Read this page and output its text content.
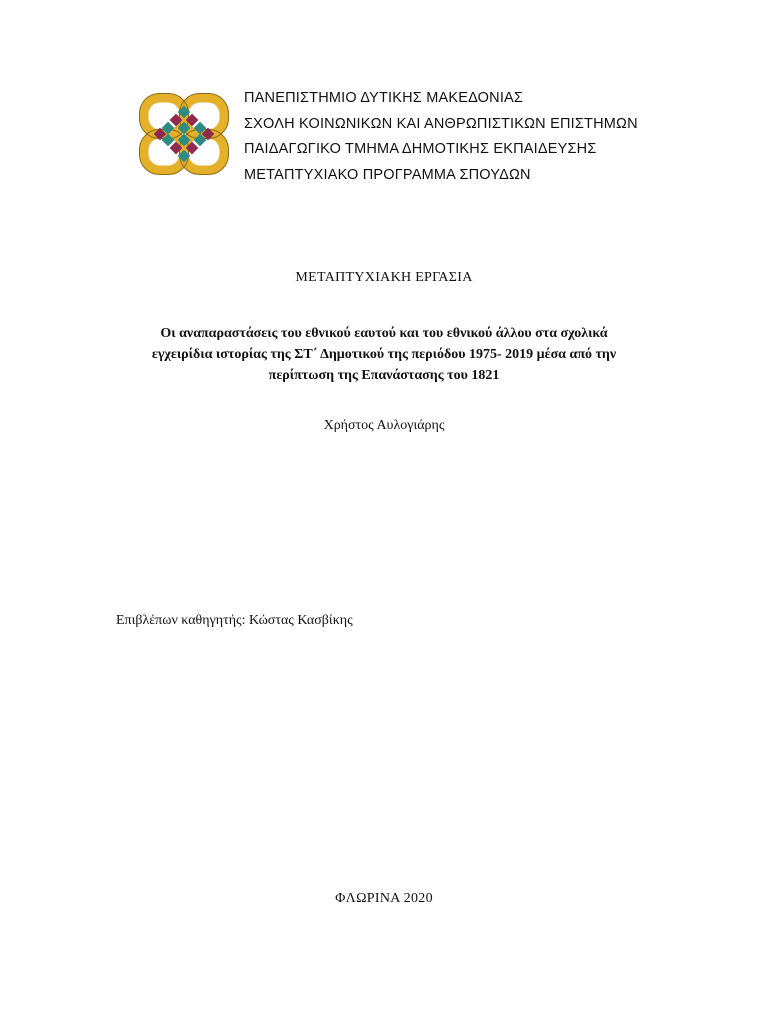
ΠΑΝΕΠΙΣΤΗΜΙΟ ΔΥΤΙΚΗΣ ΜΑΚΕΔΟΝΙΑΣ
ΣΧΟΛΗ ΚΟΙΝΩΝΙΚΩΝ ΚΑΙ ΑΝΘΡΩΠΙΣΤΙΚΩΝ ΕΠΙΣΤΗΜΩΝ
ΠΑΙΔΑΓΩΓΙΚΟ ΤΜΗΜΑ ΔΗΜΟΤΙΚΗΣ ΕΚΠΑΙΔΕΥΣΗΣ
ΜΕΤΑΠΤΥΧΙΑΚΟ ΠΡΟΓΡΑΜΜΑ ΣΠΟΥΔΩΝ
ΜΕΤΑΠΤΥΧΙΑΚΗ ΕΡΓΑΣΙΑ
Οι αναπαραστάσεις του εθνικού εαυτού και του εθνικού άλλου στα σχολικά
εγχειρίδια ιστορίας της ΣΤ΄ Δημοτικού της περιόδου 1975- 2019 μέσα από την
περίπτωση της Επανάστασης του 1821
Χρήστος Αυλογιάρης
Επιβλέπων καθηγητής: Κώστας Κασβίκης
ΦΛΩΡΙΝΑ 2020
